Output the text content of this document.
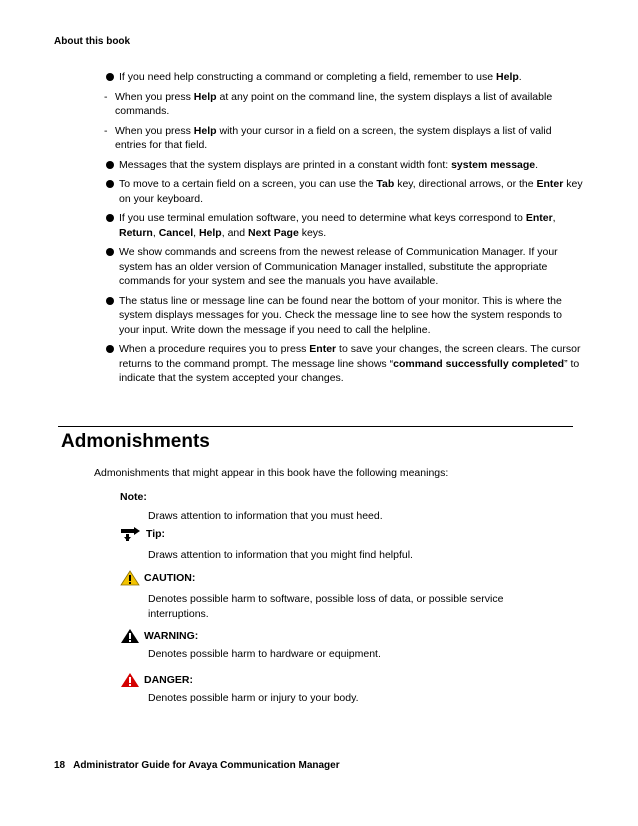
About this book
If you need help constructing a command or completing a field, remember to use Help.
- When you press Help at any point on the command line, the system displays a list of available commands.
- When you press Help with your cursor in a field on a screen, the system displays a list of valid entries for that field.
Messages that the system displays are printed in a constant width font: system message.
To move to a certain field on a screen, you can use the Tab key, directional arrows, or the Enter key on your keyboard.
If you use terminal emulation software, you need to determine what keys correspond to Enter, Return, Cancel, Help, and Next Page keys.
We show commands and screens from the newest release of Communication Manager. If your system has an older version of Communication Manager installed, substitute the appropriate commands for your system and see the manuals you have available.
The status line or message line can be found near the bottom of your monitor. This is where the system displays messages for you. Check the message line to see how the system responds to your input. Write down the message if you need to call the helpline.
When a procedure requires you to press Enter to save your changes, the screen clears. The cursor returns to the command prompt. The message line shows “command successfully completed” to indicate that the system accepted your changes.
Admonishments
Admonishments that might appear in this book have the following meanings:
Note:
Draws attention to information that you must heed.
Tip:
Draws attention to information that you might find helpful.
CAUTION:
Denotes possible harm to software, possible loss of data, or possible service interruptions.
WARNING:
Denotes possible harm to hardware or equipment.
DANGER:
Denotes possible harm or injury to your body.
18 Administrator Guide for Avaya Communication Manager
